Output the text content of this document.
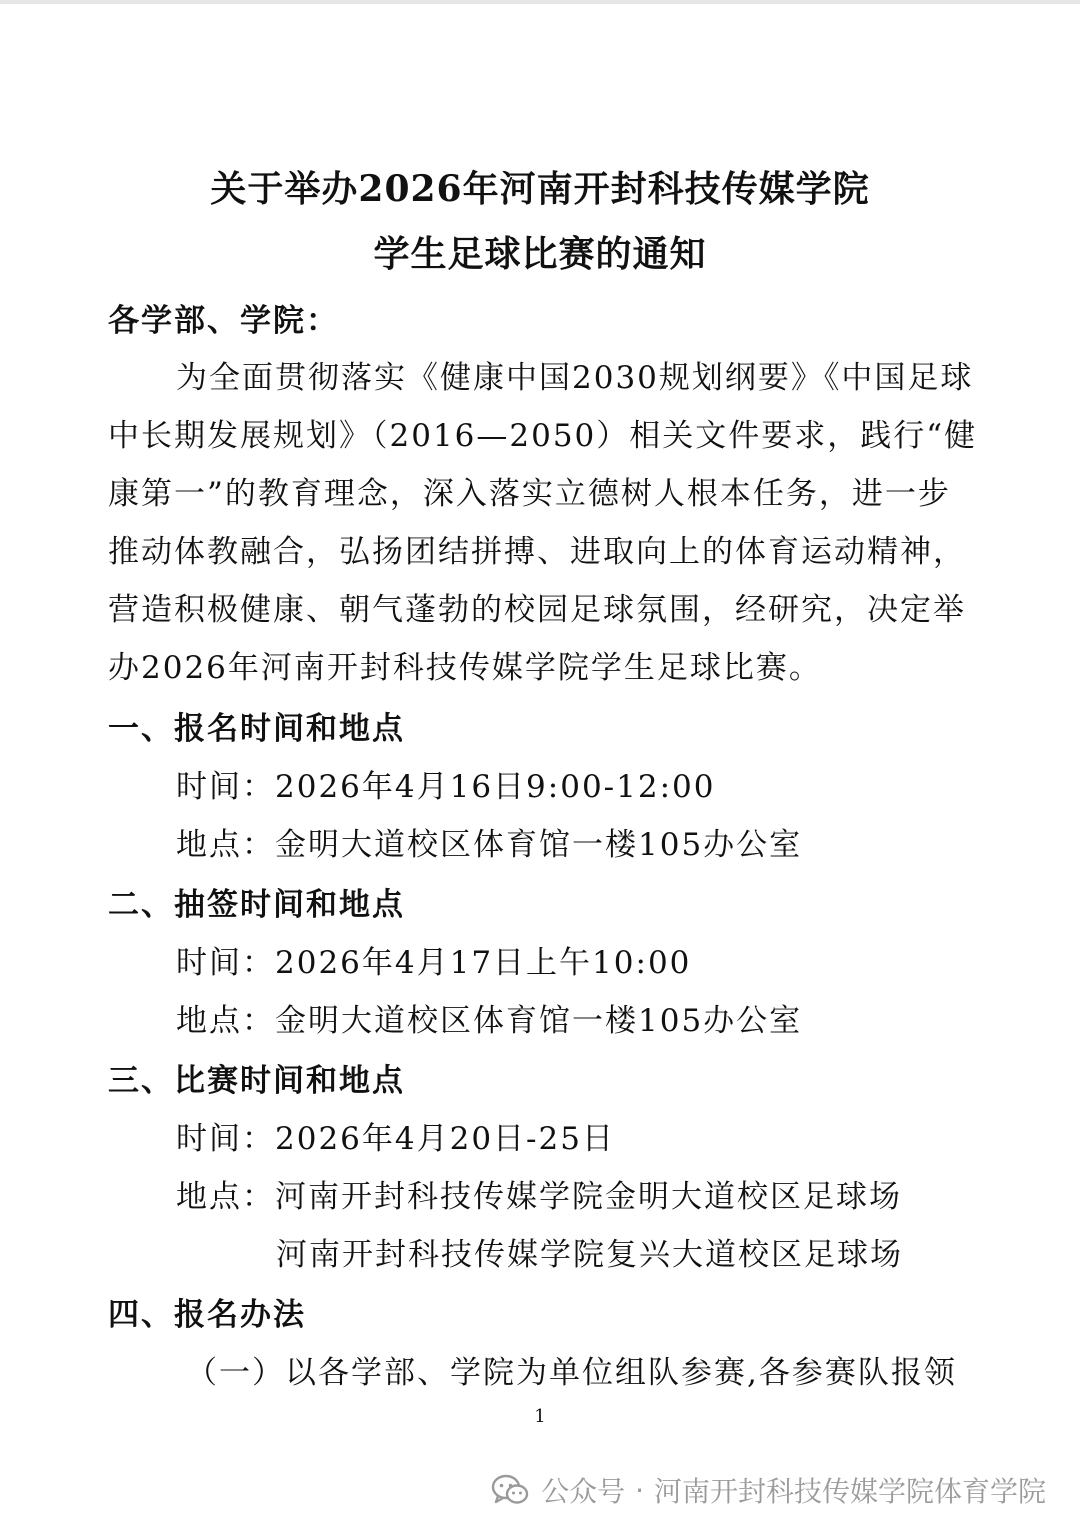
关于举办2026年河南开封科技传媒学院
学生足球比赛的通知
各学部、学院：
为全面贯彻落实《健康中国2030规划纲要》《中国足球
中长期发展规划》（2016—2050）相关文件要求，践行“健
康第一”的教育理念，深入落实立德树人根本任务，进一步
推动体教融合，弘扬团结拼搏、进取向上的体育运动精神，
营造积极健康、朝气蓬勃的校园足球氛围，经研究，决定举
办2026年河南开封科技传媒学院学生足球比赛。
一、报名时间和地点
时间：2026年4月16日9:00-12:00
地点：金明大道校区体育馆一楼105办公室
二、抽签时间和地点
时间：2026年4月17日上午10:00
地点：金明大道校区体育馆一楼105办公室
三、比赛时间和地点
时间：2026年4月20日-25日
地点：河南开封科技传媒学院金明大道校区足球场
河南开封科技传媒学院复兴大道校区足球场
四、报名办法
（一）以各学部、学院为单位组队参赛,各参赛队报领
1
公众号 · 河南开封科技传媒学院体育学院
